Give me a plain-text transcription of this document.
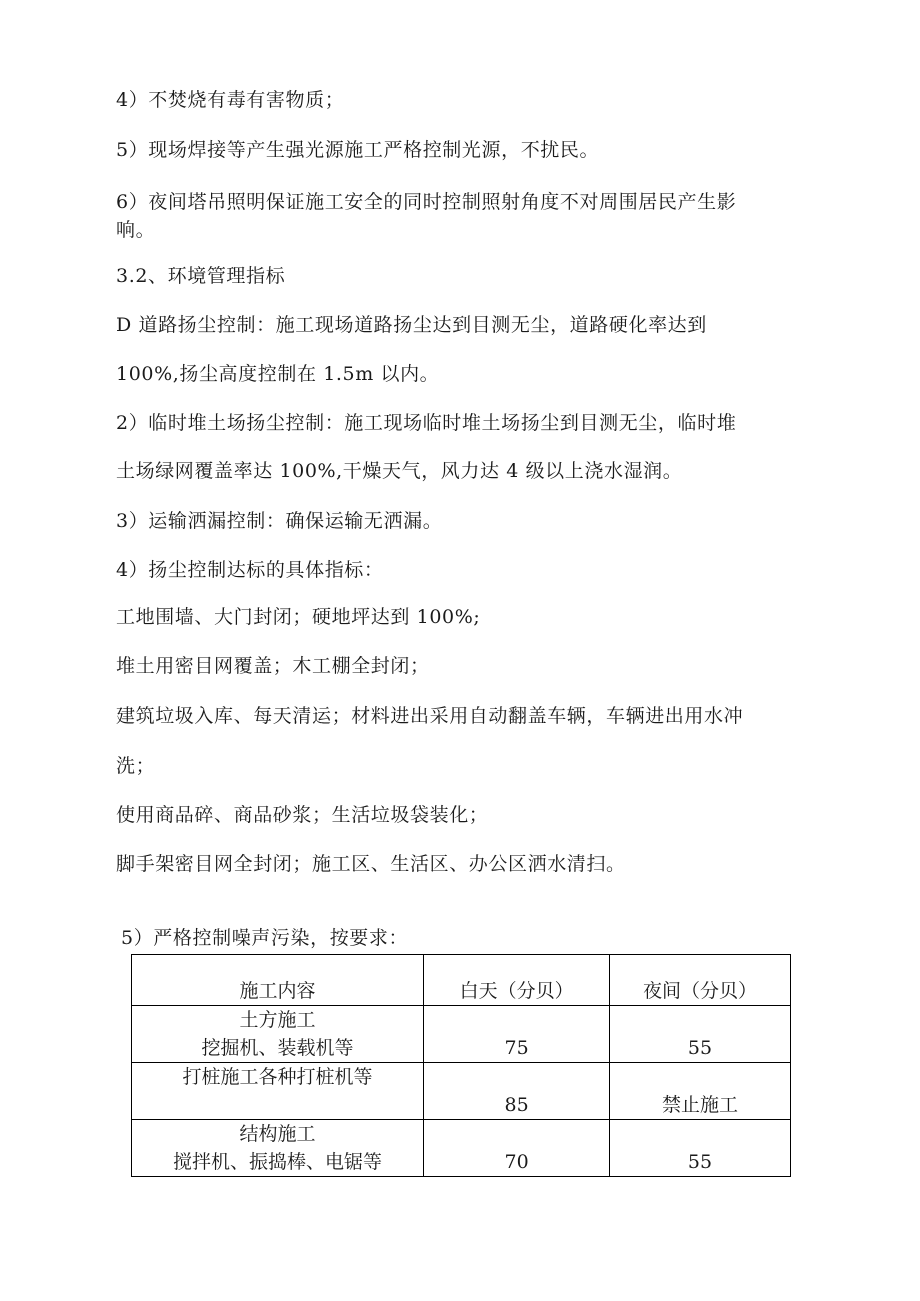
4）不焚烧有毒有害物质；
5）现场焊接等产生强光源施工严格控制光源，不扰民。
6）夜间塔吊照明保证施工安全的同时控制照射角度不对周围居民产生影
响。
3.2、环境管理指标
D 道路扬尘控制：施工现场道路扬尘达到目测无尘，道路硬化率达到
100%,扬尘高度控制在 1.5m 以内。
2）临时堆土场扬尘控制：施工现场临时堆土场扬尘到目测无尘，临时堆
土场绿网覆盖率达 100%,干燥天气，风力达 4 级以上浇水湿润。
3）运输洒漏控制：确保运输无洒漏。
4）扬尘控制达标的具体指标：
工地围墙、大门封闭；硬地坪达到 100%;
堆土用密目网覆盖；木工棚全封闭；
建筑垃圾入库、每天清运；材料进出采用自动翻盖车辆，车辆进出用水冲
洗；
使用商品碎、商品砂浆；生活垃圾袋装化；
脚手架密目网全封闭；施工区、生活区、办公区洒水清扫。
5）严格控制噪声污染，按要求：
施工内容	白天（分贝）	夜间（分贝）

土方施工
挖掘机、装载机等	75	55
打桩施工各种打桩机等	85	禁止施工

结构施工
搅拌机、振捣棒、电锯等	70	55
